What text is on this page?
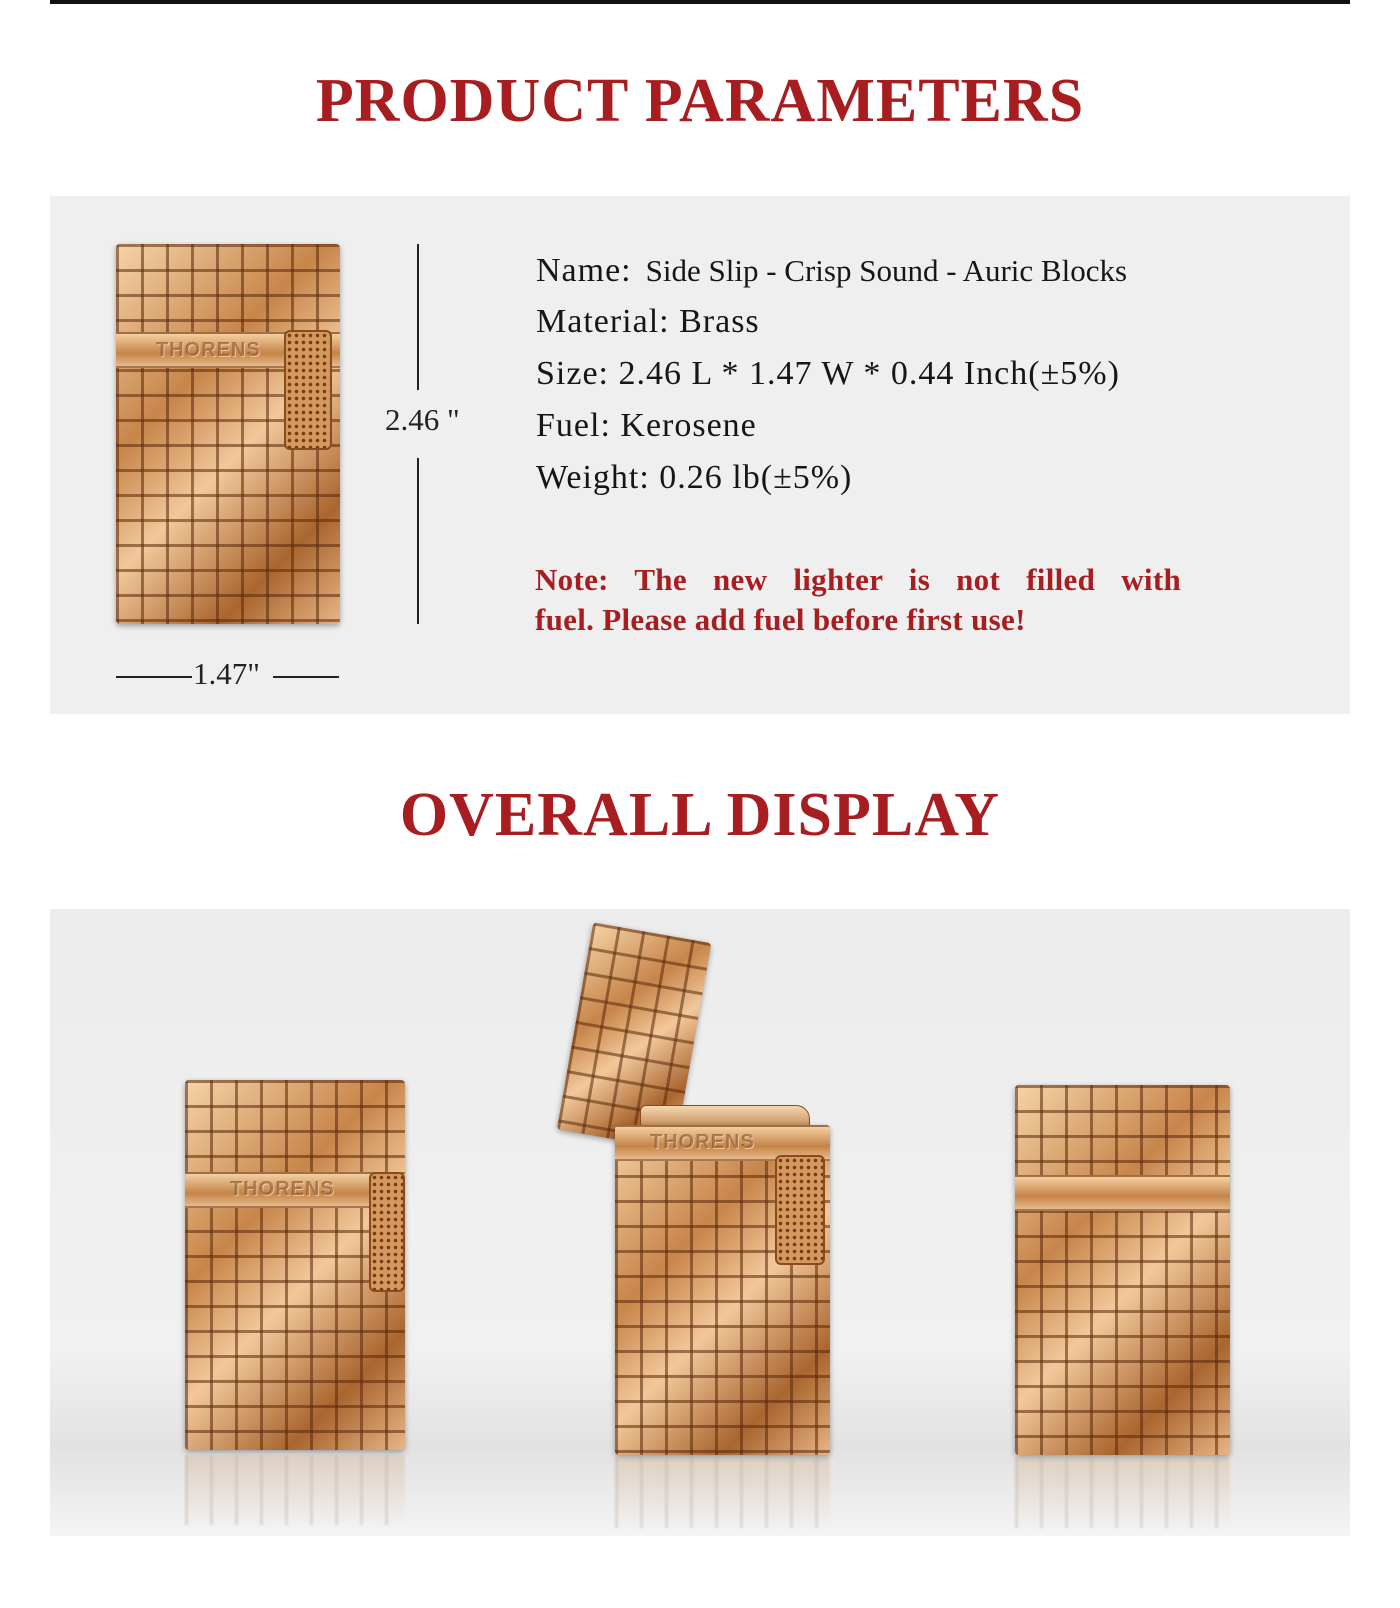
PRODUCT PARAMETERS
THORENS
2.46 "
1.47"
Name: Side Slip - Crisp Sound - Auric Blocks
Material: Brass
Size: 2.46 L * 1.47 W * 0.44 Inch(±5%)
Fuel: Kerosene
Weight: 0.26 lb(±5%)
Note: The new lighter is not filled with
fuel. Please add fuel before first use!
OVERALL DISPLAY
THORENS
THORENS
